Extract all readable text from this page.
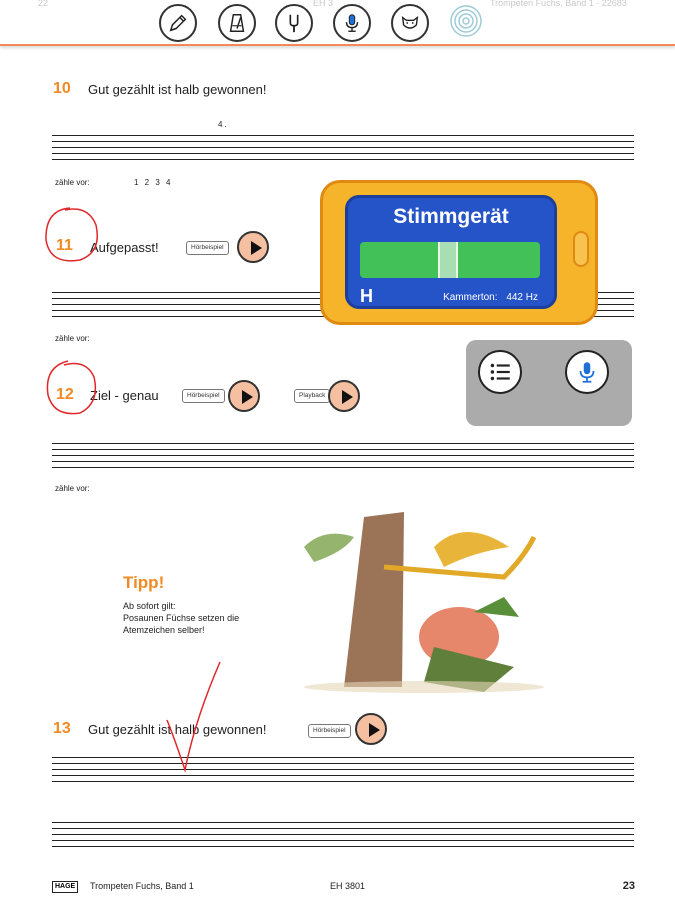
22	EH 3	Trompeten Fuchs, Band 1 · 22683
10 Gut gezählt ist halb gewonnen!
4.
zähle vor:	1 2 3 4
11 Aufgepasst!	Hörbeispiel
zähle vor:
12 Ziel - genau	Hörbeispiel	Playback
zähle vor:
Tipp!
Ab sofort gilt:
Posaunen Füchse setzen die
Atemzeichen selber!
13 Gut gezählt ist halb gewonnen!	Hörbeispiel
Stimmgerät
H	Kammerton: 442 Hz
HAGE	Trompeten Fuchs, Band 1	EH 3801	23
